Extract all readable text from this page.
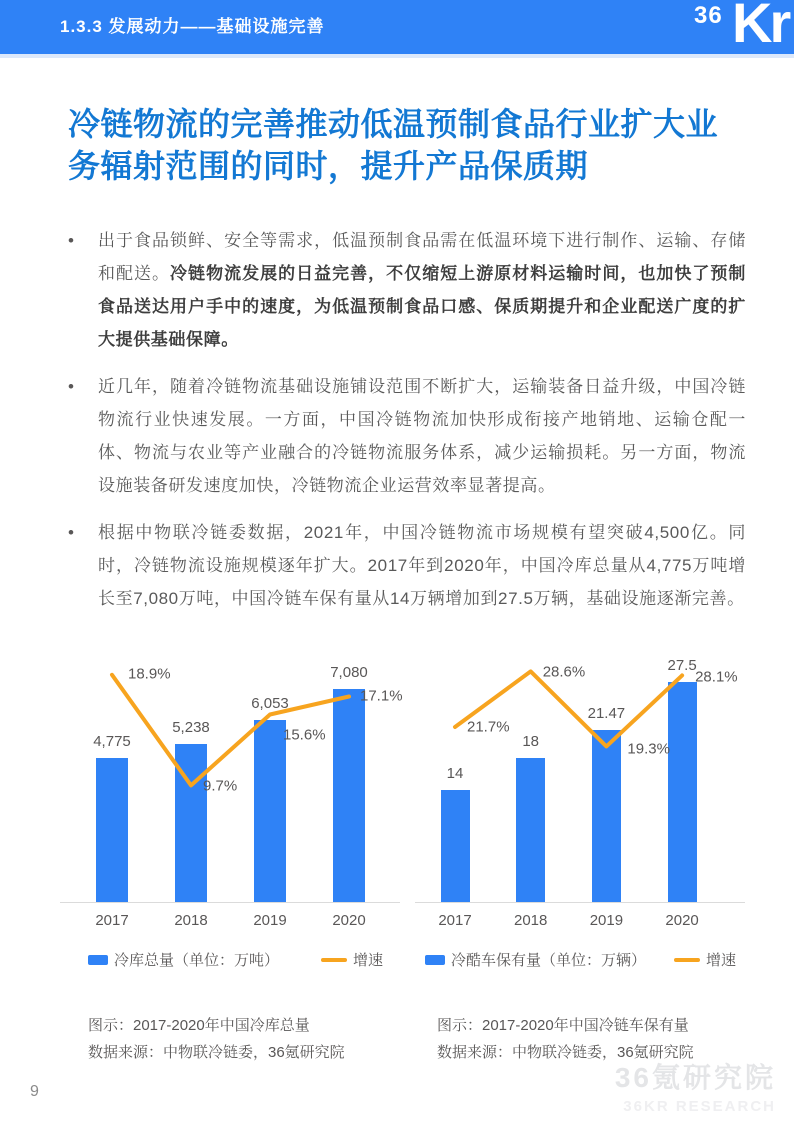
1.3.3 发展动力——基础设施完善	36 Kr
冷链物流的完善推动低温预制食品行业扩大业务辐射范围的同时，提升产品保质期
•

出于食品锁鲜、安全等需求，低温预制食品需在低温环境下进行制作、运输、存储和配送。冷链物流发展的日益完善，不仅缩短上游原材料运输时间，也加快了预制食品送达用户手中的速度，为低温预制食品口感、保质期提升和企业配送广度的扩大提供基础保障。

•

近几年，随着冷链物流基础设施铺设范围不断扩大，运输装备日益升级，中国冷链物流行业快速发展。一方面，中国冷链物流加快形成衔接产地销地、运输仓配一体、物流与农业等产业融合的冷链物流服务体系，减少运输损耗。另一方面，物流设施装备研发速度加快，冷链物流企业运营效率显著提高。

•

根据中物联冷链委数据，2021年，中国冷链物流市场规模有望突破4,500亿。同时，冷链物流设施规模逐年扩大。2017年到2020年，中国冷库总量从4,775万吨增长至7,080万吨，中国冷链车保有量从14万辆增加到27.5万辆，基础设施逐渐完善。

4,775
5,238
6,053
7,080
18.9%
9.7%
15.6%
17.1%
2017	2018	2019	2020
冷库总量（单位：万吨）	增速
图示：2017-2020年中国冷库总量
数据来源：中物联冷链委，36氪研究院
14
18
21.47
27.5
21.7%
28.6%
19.3%
28.1%
2017	2018	2019	2020
冷酷车保有量（单位：万辆）	增速
图示：2017-2020年中国冷链车保有量
数据来源：中物联冷链委，36氪研究院
9	36氪研究院
36KR RESEARCH
